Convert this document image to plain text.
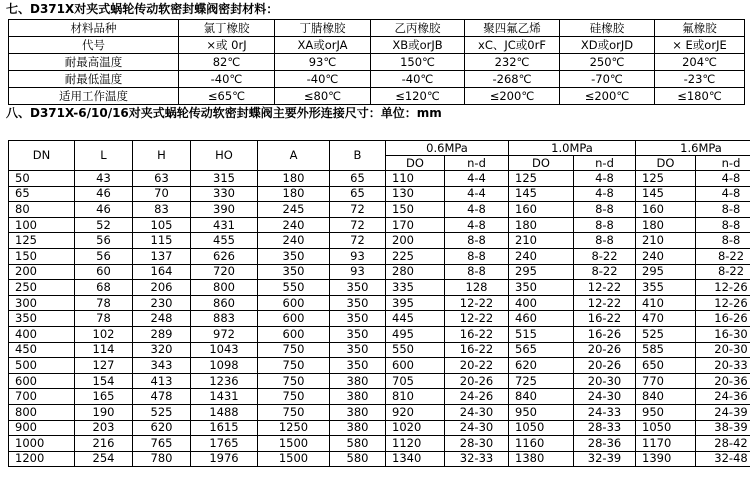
七、D371X对夹式蜗轮传动软密封蝶阀密封材料：
材料品种	氯丁橡胶	丁腈橡胶	乙丙橡胶	聚四氟乙烯	硅橡胶	氟橡胶
代号	×或 0rJ	XA或orJA	XB或orJB	xC、JC或0rF	XD或orJD	× E或orJE
耐最高温度	82℃	93℃	150℃	232℃	250℃	204℃
耐最低温度	-40℃	-40℃	-40℃	-268℃	-70℃	-23℃
适用工作温度	≤65℃	≤80℃	≤120℃	≤200℃	≤200℃	≤180℃
八、D371X-6/10/16对夹式蜗轮传动软密封蝶阀主要外形连接尺寸：单位：mm
DN	L	H	HO	A	B	0.6MPa		1.0MPa		1.6MPa	
						DO	n-d	DO	n-d	DO	n-d
50	43	63	315	180	65	110	4-4	125	4-8	125	4-8
65	46	70	330	180	65	130	4-4	145	4-8	145	4-8
80	46	83	390	245	72	150	4-8	160	8-8	160	8-8
100	52	105	431	240	72	170	4-8	180	8-8	180	8-8
125	56	115	455	240	72	200	8-8	210	8-8	210	8-8
150	56	137	626	350	93	225	8-8	240	8-22	240	8-22
200	60	164	720	350	93	280	8-8	295	8-22	295	8-22
250	68	206	800	550	350	335	128	350	12-22	355	12-26
300	78	230	860	600	350	395	12-22	400	12-22	410	12-26
350	78	248	883	600	350	445	12-22	460	16-22	470	16-26
400	102	289	972	600	350	495	16-22	515	16-26	525	16-30
450	114	320	1043	750	350	550	16-22	565	20-26	585	20-30
500	127	343	1098	750	350	600	20-22	620	20-26	650	20-33
600	154	413	1236	750	380	705	20-26	725	20-30	770	20-36
700	165	478	1431	750	380	810	24-26	840	24-30	840	24-36
800	190	525	1488	750	380	920	24-30	950	24-33	950	24-39
900	203	620	1615	1250	380	1020	24-30	1050	28-33	1050	38-39
1000	216	765	1765	1500	580	1120	28-30	1160	28-36	1170	28-42
1200	254	780	1976	1500	580	1340	32-33	1380	32-39	1390	32-48
